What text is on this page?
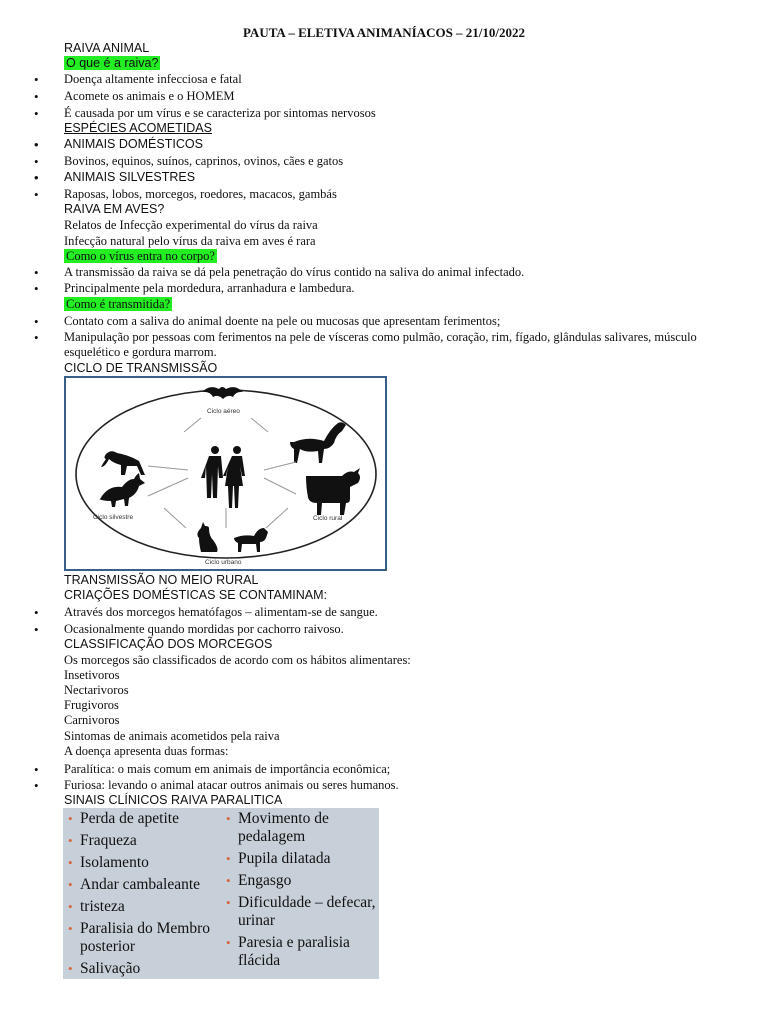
PAUTA – ELETIVA ANIMANÍACOS – 21/10/2022
RAIVA ANIMAL
O que é a raiva?
• Doença altamente infecciosa e fatal
• Acomete os animais e o HOMEM
• É causada por um vírus e se caracteriza por sintomas nervosos
ESPÉCIES ACOMETIDAS
• ANIMAIS DOMÉSTICOS
• Bovinos, equinos, suínos, caprinos, ovinos, cães e gatos
• ANIMAIS SILVESTRES
• Raposas, lobos, morcegos, roedores, macacos, gambás
RAIVA EM AVES?
Relatos de Infecção experimental do vírus da raiva
Infecção natural pelo vírus da raiva em aves é rara
Como o vírus entra no corpo?
• A transmissão da raiva se dá pela penetração do vírus contido na saliva do animal infectado.
• Principalmente pela mordedura, arranhadura e lambedura.
Como é transmitida?
• Contato com a saliva do animal doente na pele ou mucosas que apresentam ferimentos;
• Manipulação por pessoas com ferimentos na pele de vísceras como pulmão, coração, rim, fígado, glândulas salivares, músculo esquelético e gordura marrom.
CICLO DE TRANSMISSÃO
Ciclo aéreo
Ciclo silvestre	Ciclo rural
Ciclo urbano
TRANSMISSÃO NO MEIO RURAL
CRIAÇÕES DOMÉSTICAS SE CONTAMINAM:
• Através dos morcegos hematófagos – alimentam-se de sangue.
• Ocasionalmente quando mordidas por cachorro raivoso.
CLASSIFICAÇÃO DOS MORCEGOS
Os morcegos são classificados de acordo com os hábitos alimentares:
Insetivoros
Nectarivoros
Frugivoros
Carnivoros
Sintomas de animais acometidos pela raiva
A doença apresenta duas formas:
• Paralítica: o mais comum em animais de importância econômica;
• Furiosa: levando o animal atacar outros animais ou seres humanos.
SINAIS CLÍNICOS RAIVA PARALITICA
• Perda de apetite
• Fraqueza
• Isolamento
• Andar cambaleante
• tristeza
• Paralisia do Membro posterior
• Salivação
• Movimento de pedalagem
• Pupila dilatada
• Engasgo
• Dificuldade – defecar, urinar
• Paresia e paralisia flácida
